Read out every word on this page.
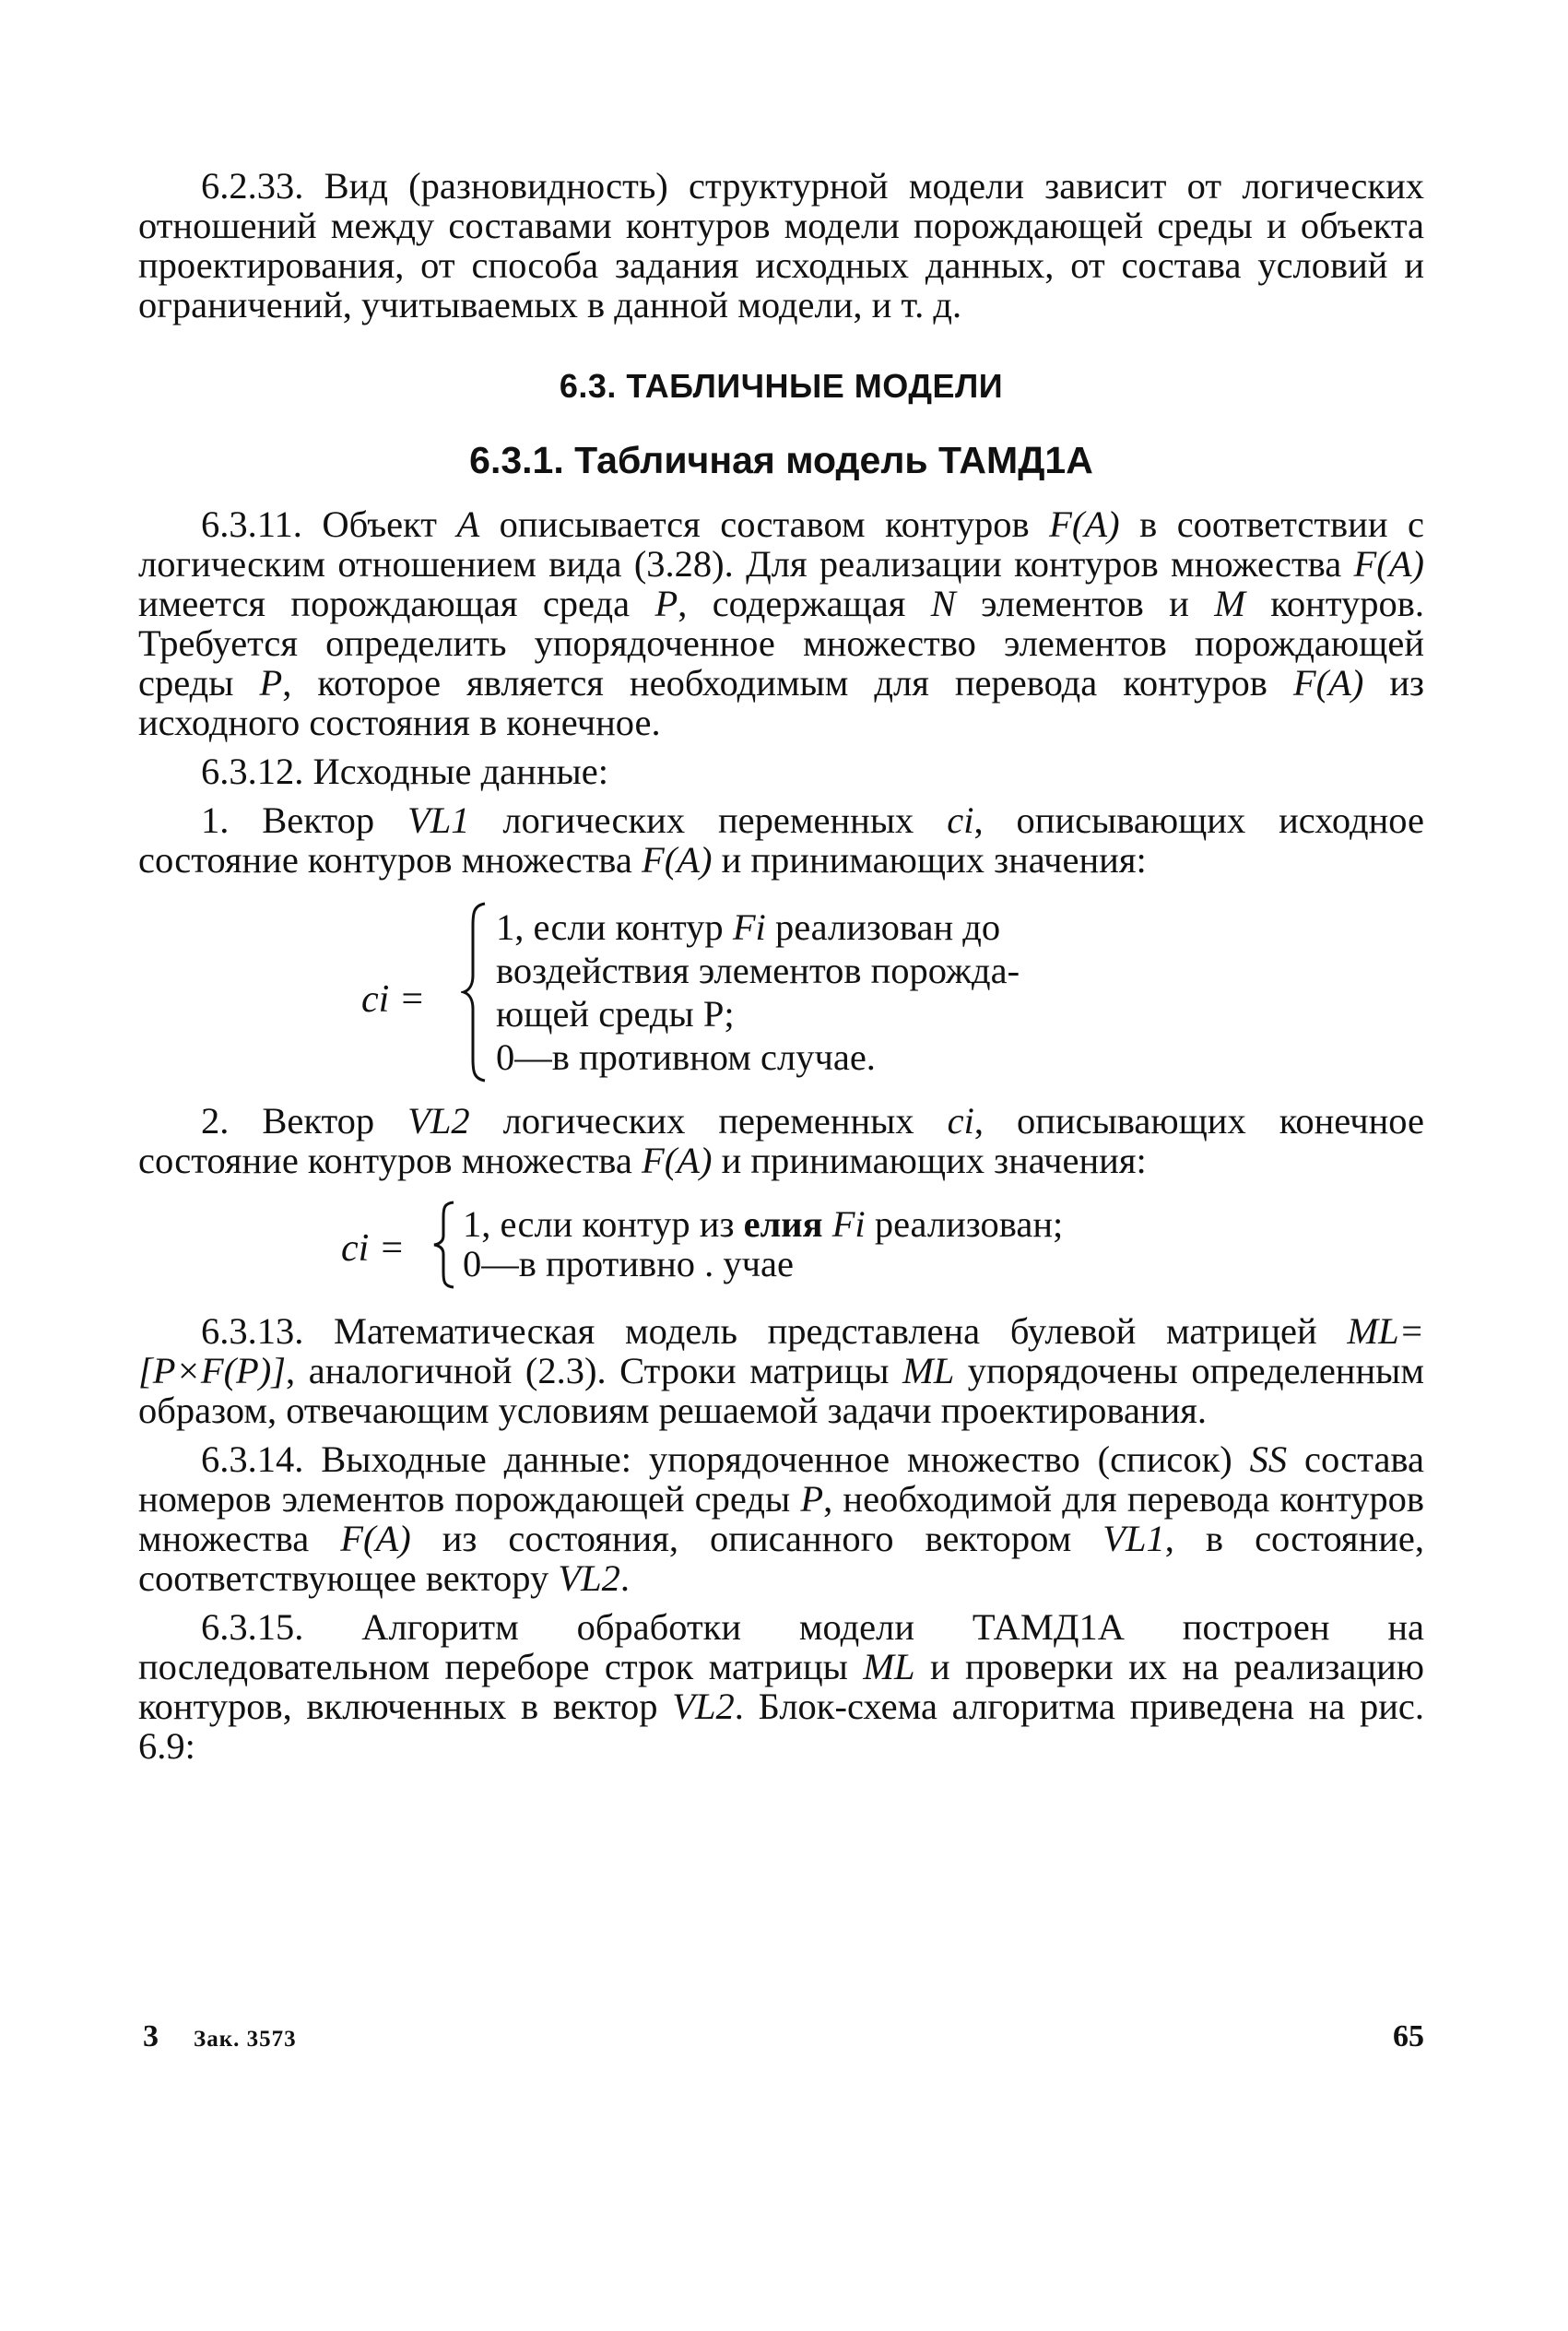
6.2.33. Вид (разновидность) структурной модели зависит от логических отношений между составами контуров модели порождающей среды и объекта проектирования, от способа задания исходных данных, от состава условий и ограничений, учитываемых в данной модели, и т. д.

6.3. ТАБЛИЧНЫЕ МОДЕЛИ

6.3.1. Табличная модель ТАМД1А

6.3.11. Объект A описывается составом контуров F(A) в соответствии с логическим отношением вида (3.28). Для реализации контуров множества F(A) имеется порождающая среда P, содержащая N элементов и M контуров. Требуется определить упорядоченное множество элементов порождающей среды P, которое является необходимым для перевода контуров F(A) из исходного состояния в конечное.

6.3.12. Исходные данные:

1. Вектор VL1 логических переменных ci, описывающих исходное состояние контуров множества F(A) и принимающих значения:

ci =
1, если контур Fi реализован до
воздействия элементов порожда-
ющей среды P;
0—в противном случае.

2. Вектор VL2 логических переменных ci, описывающих конечное состояние контуров множества F(A) и принимающих значения:

ci =
1, если контур из елия Fi реализован;
0—в противно . учае

6.3.13. Математическая модель представлена булевой матрицей ML= [P×F(P)], аналогичной (2.3). Строки матрицы ML упорядочены определенным образом, отвечающим условиям решаемой задачи проектирования.

6.3.14. Выходные данные: упорядоченное множество (список) SS состава номеров элементов порождающей среды P, необходимой для перевода контуров множества F(A) из состояния, описанного вектором VL1, в состояние, соответствующее вектору VL2.

6.3.15. Алгоритм обработки модели ТАМД1А построен на последовательном переборе строк матрицы ML и проверки их на реализацию контуров, включенных в вектор VL2. Блок-схема алгоритма приведена на рис. 6.9:

3 Зак. 3573	65
